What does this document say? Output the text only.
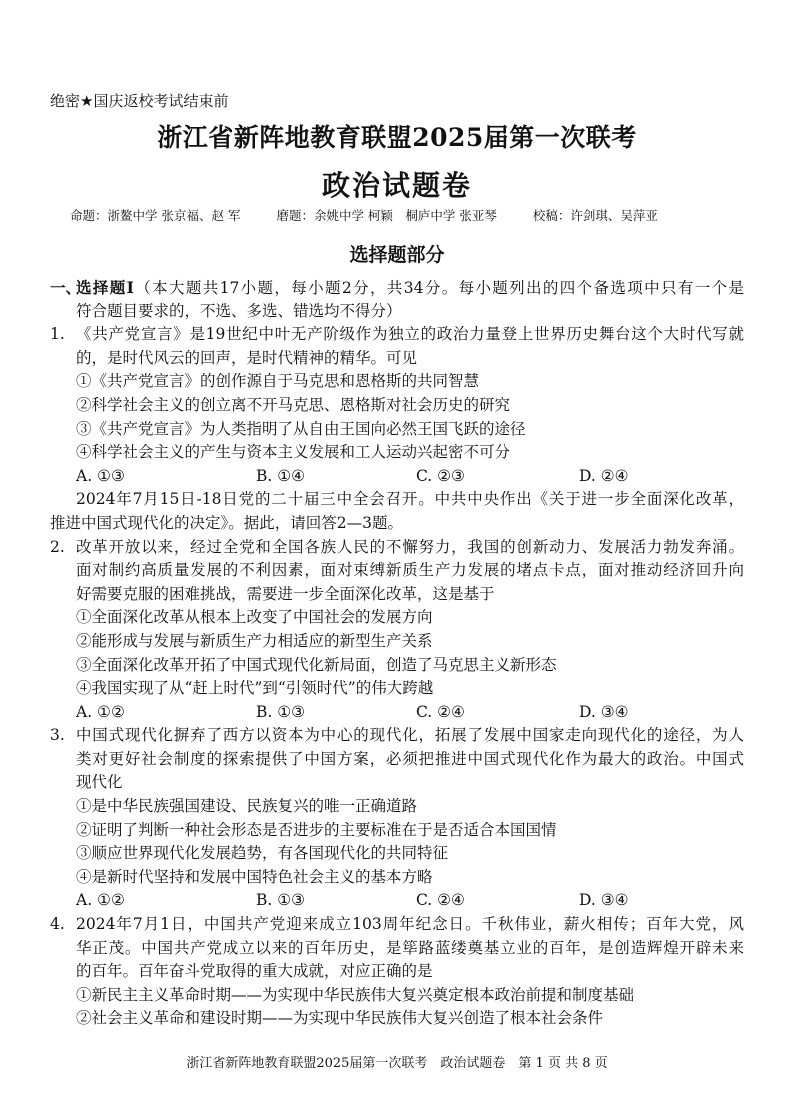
绝密★国庆返校考试结束前
浙江省新阵地教育联盟2025届第一次联考
政治试题卷
命题：浙鳌中学 张京福、赵 军	磨题：余姚中学 柯颖　桐庐中学 张亚琴	校稿：许剑琪、吴萍亚
选择题部分
一、
选择题Ⅰ（本大题共17小题，每小题2分，共34分。每小题列出的四个备选项中只有一个是
符合题目要求的，不选、多选、错选均不得分）
1. 《共产党宣言》是19世纪中叶无产阶级作为独立的政治力量登上世界历史舞台这个大时代写就
的，是时代风云的回声，是时代精神的精华。可见
①《共产党宣言》的创作源自于马克思和恩格斯的共同智慧
②科学社会主义的创立离不开马克思、恩格斯对社会历史的研究
③《共产党宣言》为人类指明了从自由王国向必然王国飞跃的途径
④科学社会主义的产生与资本主义发展和工人运动兴起密不可分
A. ①③	B. ①④	C. ②③	D. ②④
2024年7月15日-18日党的二十届三中全会召开。中共中央作出《关于进一步全面深化改革，
推进中国式现代化的决定》。据此，请回答2—3题。
2. 改革开放以来，经过全党和全国各族人民的不懈努力，我国的创新动力、发展活力勃发奔涌。
面对制约高质量发展的不利因素，面对束缚新质生产力发展的堵点卡点，面对推动经济回升向
好需要克服的困难挑战，需要进一步全面深化改革，这是基于
①全面深化改革从根本上改变了中国社会的发展方向
②能形成与发展与新质生产力相适应的新型生产关系
③全面深化改革开拓了中国式现代化新局面，创造了马克思主义新形态
④我国实现了从“赶上时代”到“引领时代”的伟大跨越
A. ①②	B. ①③	C. ②④	D. ③④
3. 中国式现代化摒弃了西方以资本为中心的现代化，拓展了发展中国家走向现代化的途径，为人
类对更好社会制度的探索提供了中国方案，必须把推进中国式现代化作为最大的政治。中国式
现代化
①是中华民族强国建设、民族复兴的唯一正确道路
②证明了判断一种社会形态是否进步的主要标准在于是否适合本国国情
③顺应世界现代化发展趋势，有各国现代化的共同特征
④是新时代坚持和发展中国特色社会主义的基本方略
A. ①②	B. ①③	C. ②④	D. ③④
4. 2024年7月1日，中国共产党迎来成立103周年纪念日。千秋伟业，薪火相传；百年大党，风
华正茂。中国共产党成立以来的百年历史，是筚路蓝缕奠基立业的百年，是创造辉煌开辟未来
的百年。百年奋斗党取得的重大成就，对应正确的是
①新民主主义革命时期——为实现中华民族伟大复兴奠定根本政治前提和制度基础
②社会主义革命和建设时期——为实现中华民族伟大复兴创造了根本社会条件
浙江省新阵地教育联盟2025届第一次联考　政治试题卷　第 1 页 共 8 页
